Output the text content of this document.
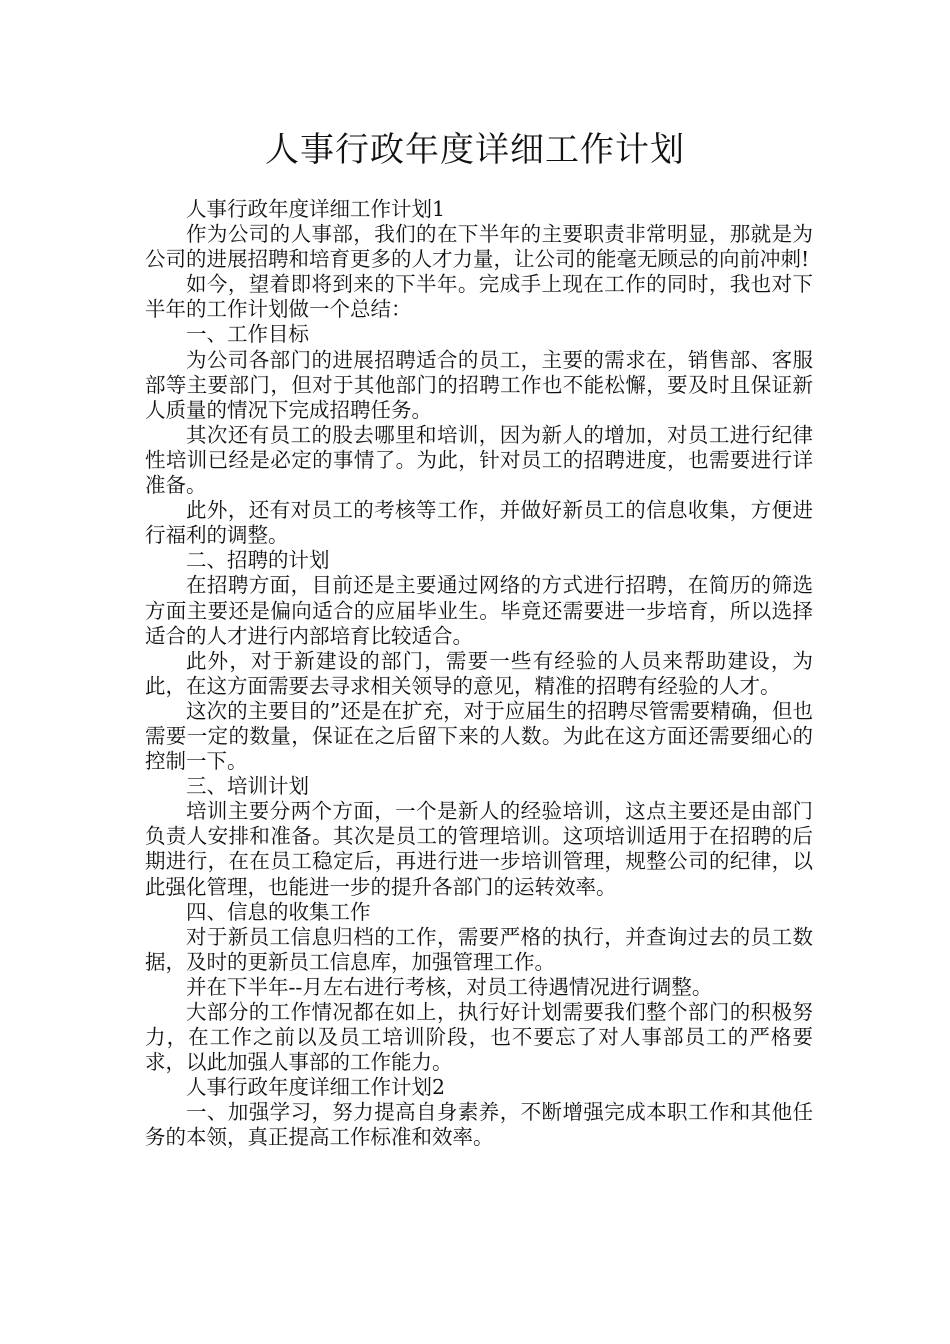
人事行政年度详细工作计划

人事行政年度详细工作计划1

作为公司的人事部，我们的在下半年的主要职责非常明显，那就是为公司的进展招聘和培育更多的人才力量，让公司的能毫无顾忌的向前冲刺!

如今，望着即将到来的下半年。完成手上现在工作的同时，我也对下半年的工作计划做一个总结：

一、工作目标

为公司各部门的进展招聘适合的员工，主要的需求在，销售部、客服部等主要部门，但对于其他部门的招聘工作也不能松懈，要及时且保证新人质量的情况下完成招聘任务。

其次还有员工的股去哪里和培训，因为新人的增加，对员工进行纪律性培训已经是必定的事情了。为此，针对员工的招聘进度，也需要进行详准备。

此外，还有对员工的考核等工作，并做好新员工的信息收集，方便进行福利的调整。

二、招聘的计划

在招聘方面，目前还是主要通过网络的方式进行招聘，在简历的筛选方面主要还是偏向适合的应届毕业生。毕竟还需要进一步培育，所以选择适合的人才进行内部培育比较适合。

此外，对于新建设的部门，需要一些有经验的人员来帮助建设，为此，在这方面需要去寻求相关领导的意见，精准的招聘有经验的人才。

这次的主要目的”还是在扩充，对于应届生的招聘尽管需要精确，但也需要一定的数量，保证在之后留下来的人数。为此在这方面还需要细心的控制一下。

三、培训计划

培训主要分两个方面，一个是新人的经验培训，这点主要还是由部门负责人安排和准备。其次是员工的管理培训。这项培训适用于在招聘的后期进行，在在员工稳定后，再进行进一步培训管理，规整公司的纪律，以此强化管理，也能进一步的提升各部门的运转效率。

四、信息的收集工作

对于新员工信息归档的工作，需要严格的执行，并查询过去的员工数据，及时的更新员工信息库，加强管理工作。

并在下半年--月左右进行考核，对员工待遇情况进行调整。

大部分的工作情况都在如上，执行好计划需要我们整个部门的积极努力，在工作之前以及员工培训阶段，也不要忘了对人事部员工的严格要求，以此加强人事部的工作能力。

人事行政年度详细工作计划2

一、加强学习，努力提高自身素养，不断增强完成本职工作和其他任务的本领，真正提高工作标准和效率。
